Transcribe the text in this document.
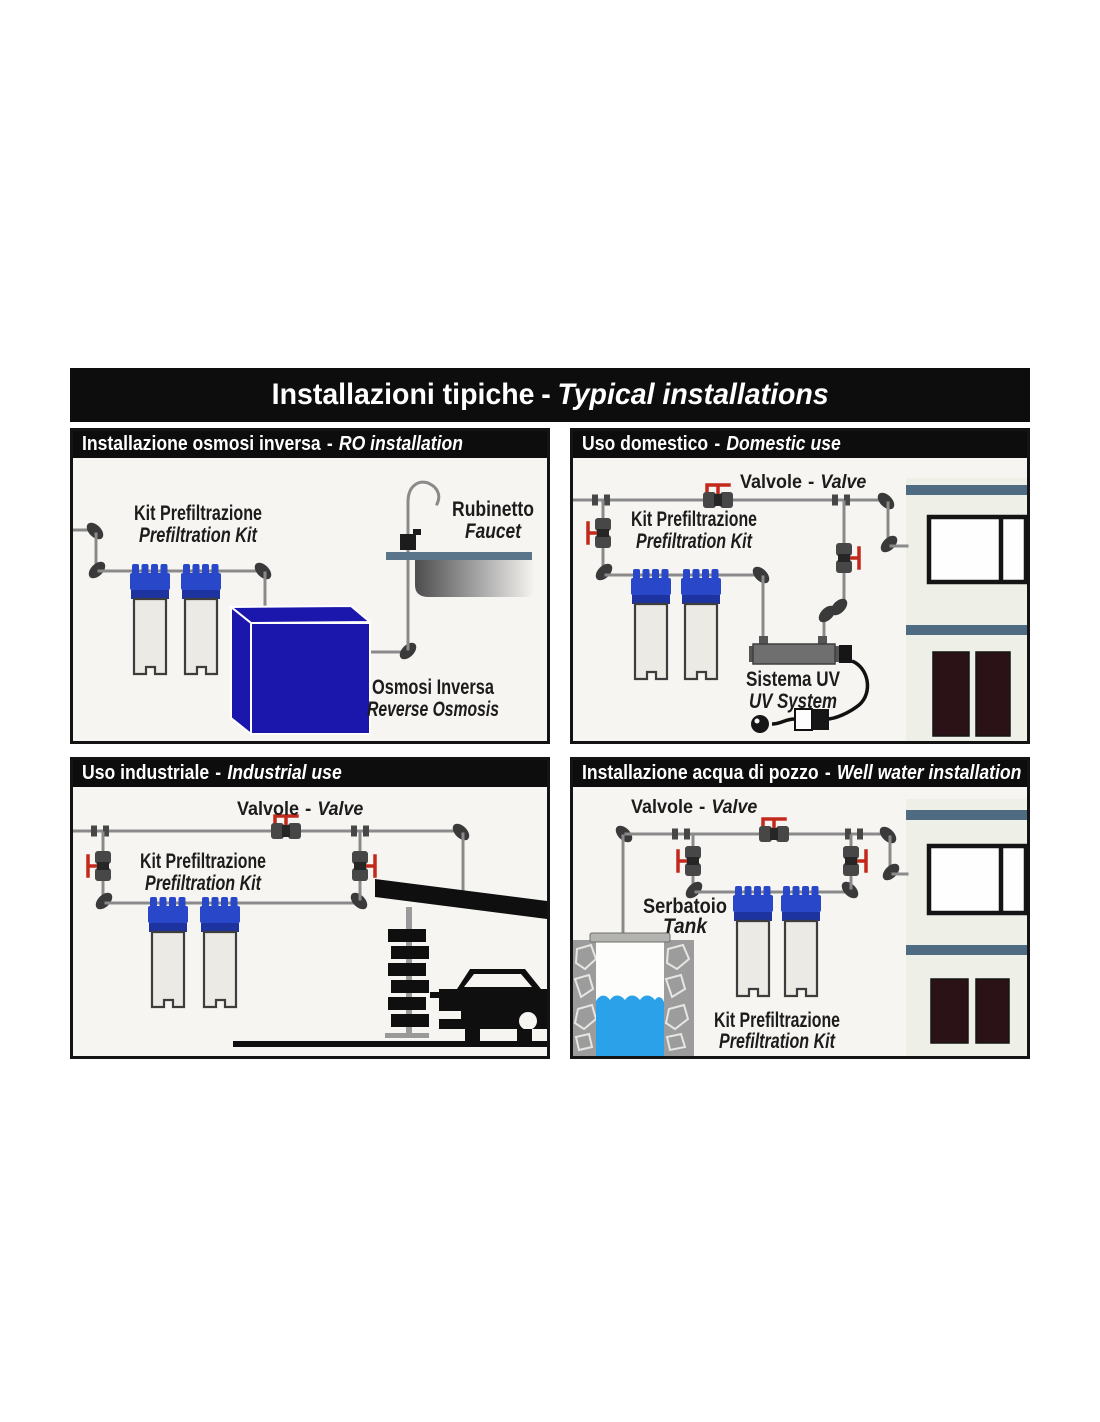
Installazioni tipiche - Typical installations
Installazione osmosi inversa - RO installation
Kit Prefiltrazione
Prefiltration Kit
Rubinetto
Faucet
Osmosi Inversa
Reverse Osmosis
Uso domestico - Domestic use
Valvole - Valve
Kit Prefiltrazione
Prefiltration Kit
Sistema UV
UV System
Uso industriale - Industrial use
Valvole - Valve
Kit Prefiltrazione
Prefiltration Kit
Installazione acqua di pozzo - Well water installation
Valvole - Valve
Serbatoio
Tank
Kit Prefiltrazione
Prefiltration Kit
